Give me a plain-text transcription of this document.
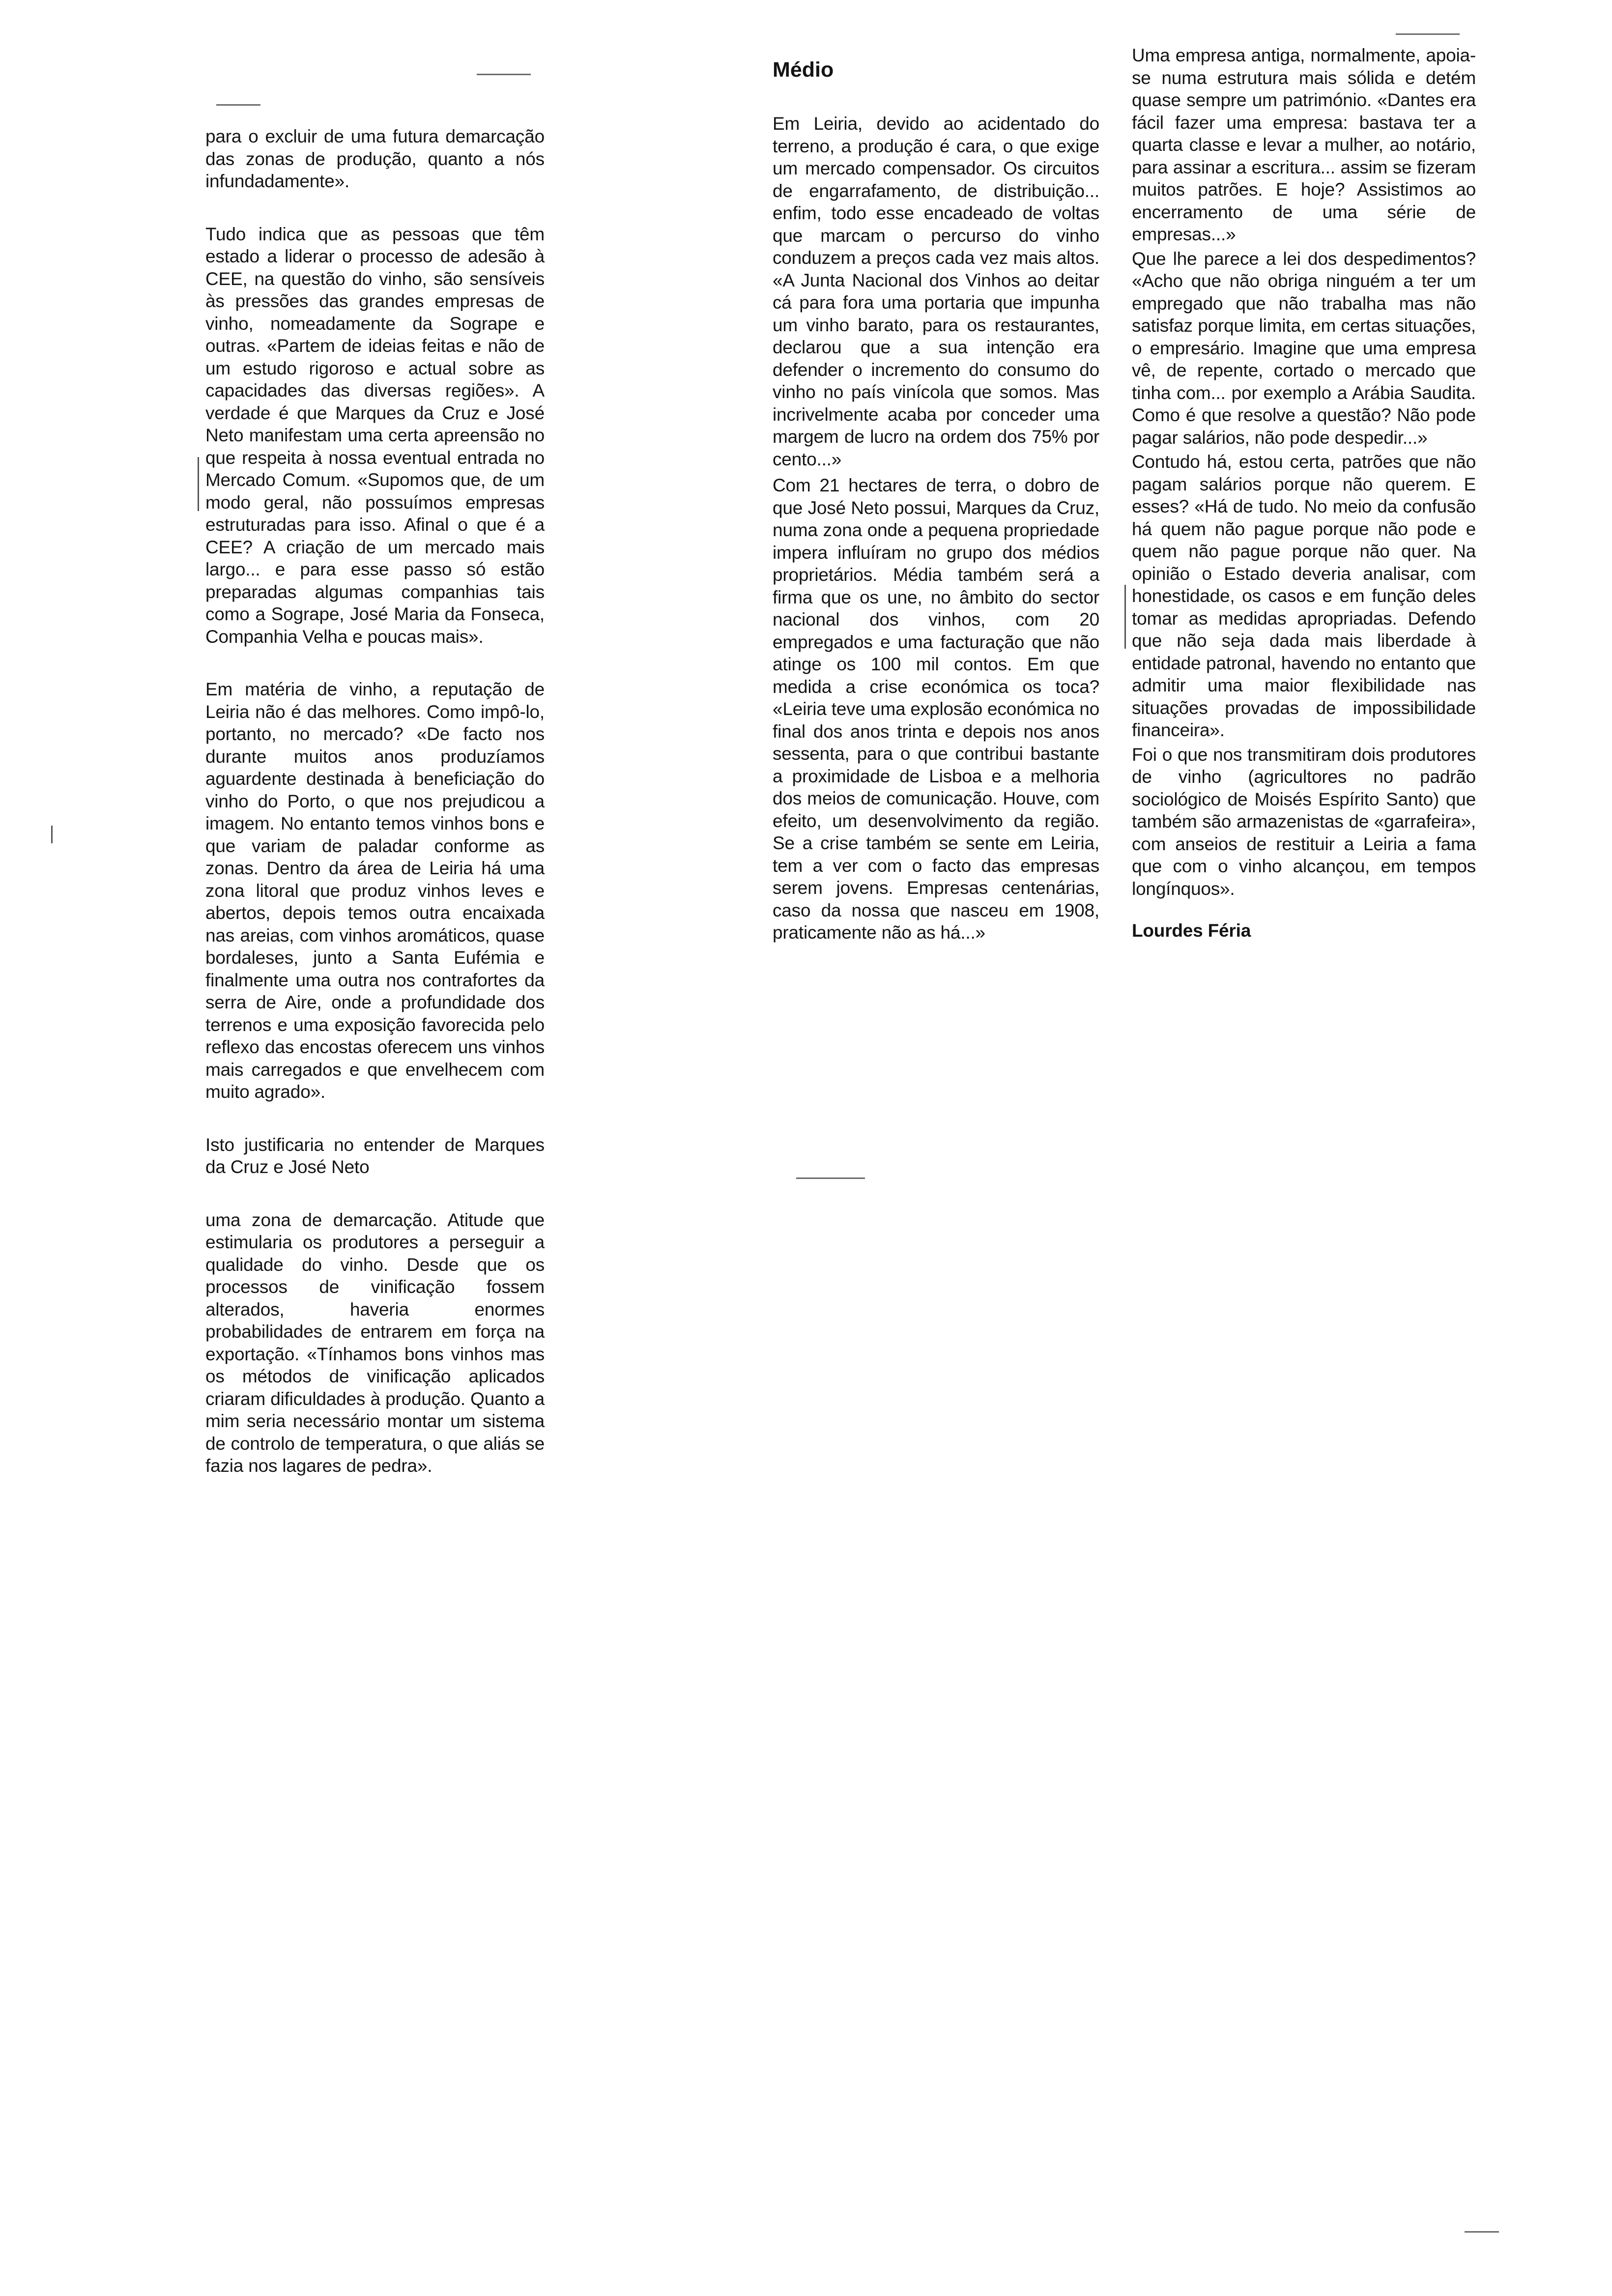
para o excluir de uma futura demarcação das zonas de produção, quanto a nós infundadamente».

Tudo indica que as pessoas que têm estado a liderar o processo de adesão à CEE, na questão do vinho, são sensíveis às pressões das grandes empresas de vinho, nomeadamente da Sogrape e outras. «Partem de ideias feitas e não de um estudo rigoroso e actual sobre as capacidades das diversas regiões». A verdade é que Marques da Cruz e José Neto manifestam uma certa apreensão no que respeita à nossa eventual entrada no Mercado Comum. «Supomos que, de um modo geral, não possuímos empresas estruturadas para isso. Afinal o que é a CEE? A criação de um mercado mais largo... e para esse passo só estão preparadas algumas companhias tais como a Sogrape, José Maria da Fonseca, Companhia Velha e poucas mais».

Em matéria de vinho, a reputação de Leiria não é das melhores. Como impô-lo, portanto, no mercado? «De facto nos durante muitos anos produzíamos aguardente destinada à beneficiação do vinho do Porto, o que nos prejudicou a imagem. No entanto temos vinhos bons e que variam de paladar conforme as zonas. Dentro da área de Leiria há uma zona litoral que produz vinhos leves e abertos, depois temos outra encaixada nas areias, com vinhos aromáticos, quase bordaleses, junto a Santa Eufémia e finalmente uma outra nos contrafortes da serra de Aire, onde a profundidade dos terrenos e uma exposição favorecida pelo reflexo das encostas oferecem uns vinhos mais carregados e que envelhecem com muito agrado».

Isto justificaria no entender de Marques da Cruz e José Neto

uma zona de demarcação. Atitude que estimularia os produtores a perseguir a qualidade do vinho. Desde que os processos de vinificação fossem alterados, haveria enormes probabilidades de entrarem em força na exportação. «Tínhamos bons vinhos mas os métodos de vinificação aplicados criaram dificuldades à produção. Quanto a mim seria necessário montar um sistema de controlo de temperatura, o que aliás se fazia nos lagares de pedra».

Médio

Em Leiria, devido ao acidentado do terreno, a produção é cara, o que exige um mercado compensador. Os circuitos de engarrafamento, de distribuição... enfim, todo esse encadeado de voltas que marcam o percurso do vinho conduzem a preços cada vez mais altos. «A Junta Nacional dos Vinhos ao deitar cá para fora uma portaria que impunha um vinho barato, para os restaurantes, declarou que a sua intenção era defender o incremento do consumo do vinho no país vinícola que somos. Mas incrivelmente acaba por conceder uma margem de lucro na ordem dos 75% por cento...»

Com 21 hectares de terra, o dobro de que José Neto possui, Marques da Cruz, numa zona onde a pequena propriedade impera influíram no grupo dos médios proprietários. Média também será a firma que os une, no âmbito do sector nacional dos vinhos, com 20 empregados e uma facturação que não atinge os 100 mil contos. Em que medida a crise económica os toca? «Leiria teve uma explosão económica no final dos anos trinta e depois nos anos sessenta, para o que contribui bastante a proximidade de Lisboa e a melhoria dos meios de comunicação. Houve, com efeito, um desenvolvimento da região. Se a crise também se sente em Leiria, tem a ver com o facto das empresas serem jovens. Empresas centenárias, caso da nossa que nasceu em 1908, praticamente não as há...»

Uma empresa antiga, normalmente, apoia-se numa estrutura mais sólida e detém quase sempre um património. «Dantes era fácil fazer uma empresa: bastava ter a quarta classe e levar a mulher, ao notário, para assinar a escritura... assim se fizeram muitos patrões. E hoje? Assistimos ao encerramento de uma série de empresas...»

Que lhe parece a lei dos despedimentos? «Acho que não obriga ninguém a ter um empregado que não trabalha mas não satisfaz porque limita, em certas situações, o empresário. Imagine que uma empresa vê, de repente, cortado o mercado que tinha com... por exemplo a Arábia Saudita. Como é que resolve a questão? Não pode pagar salários, não pode despedir...»

Contudo há, estou certa, patrões que não pagam salários porque não querem. E esses? «Há de tudo. No meio da confusão há quem não pague porque não pode e quem não pague porque não quer. Na opinião o Estado deveria analisar, com honestidade, os casos e em função deles tomar as medidas apropriadas. Defendo que não seja dada mais liberdade à entidade patronal, havendo no entanto que admitir uma maior flexibilidade nas situações provadas de impossibilidade financeira».

Foi o que nos transmitiram dois produtores de vinho (agricultores no padrão sociológico de Moisés Espírito Santo) que também são armazenistas de «garrafeira», com anseios de restituir a Leiria a fama que com o vinho alcançou, em tempos longínquos».

Lourdes Féria
